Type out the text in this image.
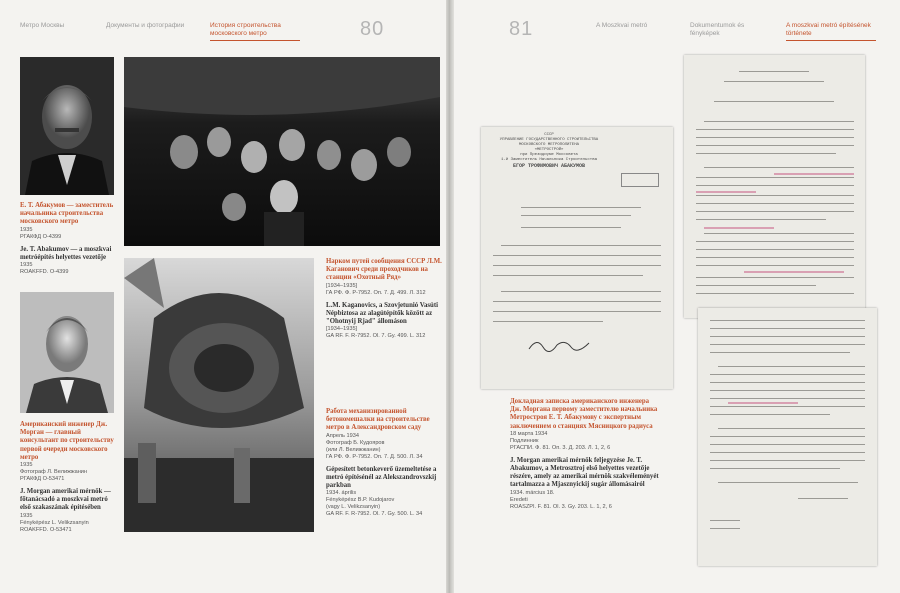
Метро Москвы	Документы и фотографии	История строительства московского метро	80
Е. Т. Абакумов — заместитель начальника строительства московского метро
1935
РГАКФД О-4399
Je. T. Abakumov — a moszkvai metróépítés helyettes vezetője
1935
ROAKFFD. O-4399
Американский инженер Дж. Морган — главный консультант по строительству первой очереди московского метро
1935
Фотограф Л. Велижжанин
РГАКФД О-53471
J. Morgan amerikai mérnök — főtanácsadó a moszkvai metró első szakaszának építésében
1935
Fényképész L. Velikzsanyin
ROAKFFD. O-53471
Нарком путей сообщения СССР Л.М. Каганович среди проходчиков на станции «Охотный Ряд»
[1934–1935]
ГА РФ. Ф. Р-7952. Оп. 7. Д. 499. Л. 312
L.M. Kaganovics, a Szovjetunió Vasúti Népbiztosa az alagútépítők között az "Ohotnyij Rjad" állomáson
[1934–1935]
GA RF. F. R-7952. Ol. 7. Gy. 499. L. 312
Работа механизированной бетономешалки на строительстве метро в Александровском саду
Апрель 1934
Фотограф Б. Кудояров
(или Л. Велижжанин)
ГА РФ. Ф. Р-7952. Оп. 7. Д. 500. Л. 34
Gépesített betonkeverő üzemeltetése a metró építésénél az Alekszandrovszkij parkban
1934. április
Fényképész B.P. Kudojarov
(vagy L. Velikzsanyin)
GA RF. F. R-7952. Ol. 7. Gy. 500. L. 34
81	A Moszkvai metró	Dokumentumok és fényképek
A moszkvai metró építésének története
СССР
УПРАВЛЕНИЕ ГОСУДАРСТВЕННОГО СТРОИТЕЛЬСТВА МОСКОВСКОГО МЕТРОПОЛИТЕНА
«МЕТРОСТРОЙ»
при Президиуме Моссовета
1-й Заместитель Начальника Строительства
ЕГОР ТРОФИМОВИЧ АБАКУМОВ
Докладная записка американского инженера Дж. Моргана первому заместителю начальника Метростроя Е. Т. Абакумову с экспертным заключением о станциях Мясницкого радиуса
18 марта 1934
Подлинник
РГАСПИ. Ф. 81. Оп. 3. Д. 203. Л. 1, 2, 6
J. Morgan amerikai mérnök feljegyzése Je. T. Abakumov, a Metrosztroj első helyettes vezetője részére, amely az amerikai mérnök szakvéleményét tartalmazza a Mjasznyickij sugár állomásairól
1934. március 18.
Eredeti
ROASZPI. F. 81. Ol. 3. Gy. 203. L. 1, 2, 6
